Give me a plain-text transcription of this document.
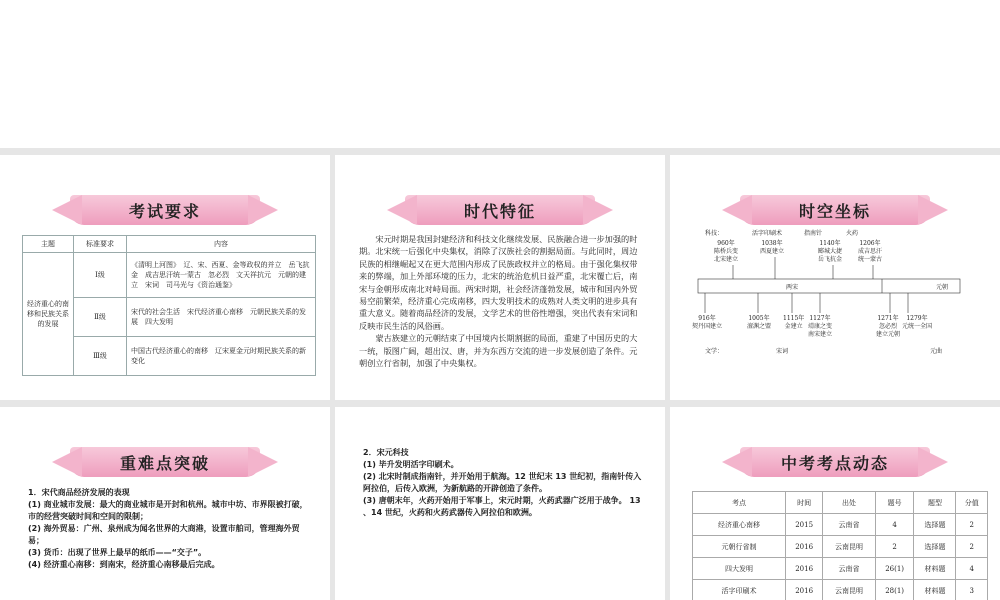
考试要求
主题	标准要求	内容
经济重心的南移和民族关系的发展	Ⅰ级	《清明上河图》　辽、宋、西夏、金等政权的并立　岳飞抗金　成吉思汗统一蒙古　忽必烈　文天祥抗元　元朝的建立　宋词　司马光与《资治通鉴》
	Ⅱ级	宋代的社会生活　宋代经济重心南移　元朝民族关系的发展　四大发明
	Ⅲ级	中国古代经济重心的南移　辽宋夏金元时期民族关系的新变化
时代特征

宋元时期是我国封建经济和科技文化继续发展、民族融合进一步加强的时期。北宋统一后强化中央集权，消除了汉族社会的割据局面。与此同时，周边民族的相继崛起又在更大范围内形成了民族政权并立的格局。由于强化集权带来的弊端，加上外部环境的压力，北宋的统治危机日益严重，北宋覆亡后，南宋与金朝形成南北对峙局面。两宋时期，社会经济蓬勃发展，城市和国内外贸易空前繁荣，经济重心完成南移，四大发明技术的成熟对人类文明的进步具有重大意义。随着商品经济的发展，文学艺术的世俗性增强，突出代表有宋词和反映市民生活的风俗画。

蒙古族建立的元朝结束了中国境内长期割据的局面，重建了中国历史的大一统，版图广阔，超出汉、唐，并为东西方交流的进一步发展创造了条件。元朝创立行省制，加强了中央集权。

时空坐标
科技：	活字印刷术	指南针	火药
960年
陈桥兵变
北宋建立
1038年
西夏建立
1140年
郾城大捷
岳飞抗金
1206年
成吉思汗
统一蒙古
两宋	元朝
916年
契丹国建立
1005年
澶渊之盟
1115年
金建立
1127年
靖康之变
南宋建立
1271年
忽必烈
建立元朝
1279年
元统一全国
文学：	宋词	元曲
重难点突破
1．宋代商品经济发展的表现
(1) 商业城市发展：最大的商业城市是开封和杭州。城市中坊、市界限被打破，市的经营突破时间和空间的限制；
(2) 海外贸易：广州、泉州成为闻名世界的大商港，设置市舶司，管理海外贸易；
(3) 货币：出现了世界上最早的纸币——“交子”。
(4) 经济重心南移：到南宋，经济重心南移最后完成。
2．宋元科技
(1) 毕升发明活字印刷术。
(2) 北宋时制成指南针，并开始用于航海。12 世纪末 13 世纪初，指南针传入阿拉伯，后传入欧洲，为新航路的开辟创造了条件。
(3) 唐朝末年，火药开始用于军事上，宋元时期，火药武器广泛用于战争。 13 、14 世纪，火药和火药武器传入阿拉伯和欧洲。
中考考点动态
考点	时间	出处	题号	题型	分值
经济重心南移	2015	云南省	4	选择题	2
元朝行省制	2016	云南昆明	2	选择题	2
四大发明	2016	云南省	26(1)	材料题	4
活字印刷术	2016	云南昆明	28(1)	材料题	3
